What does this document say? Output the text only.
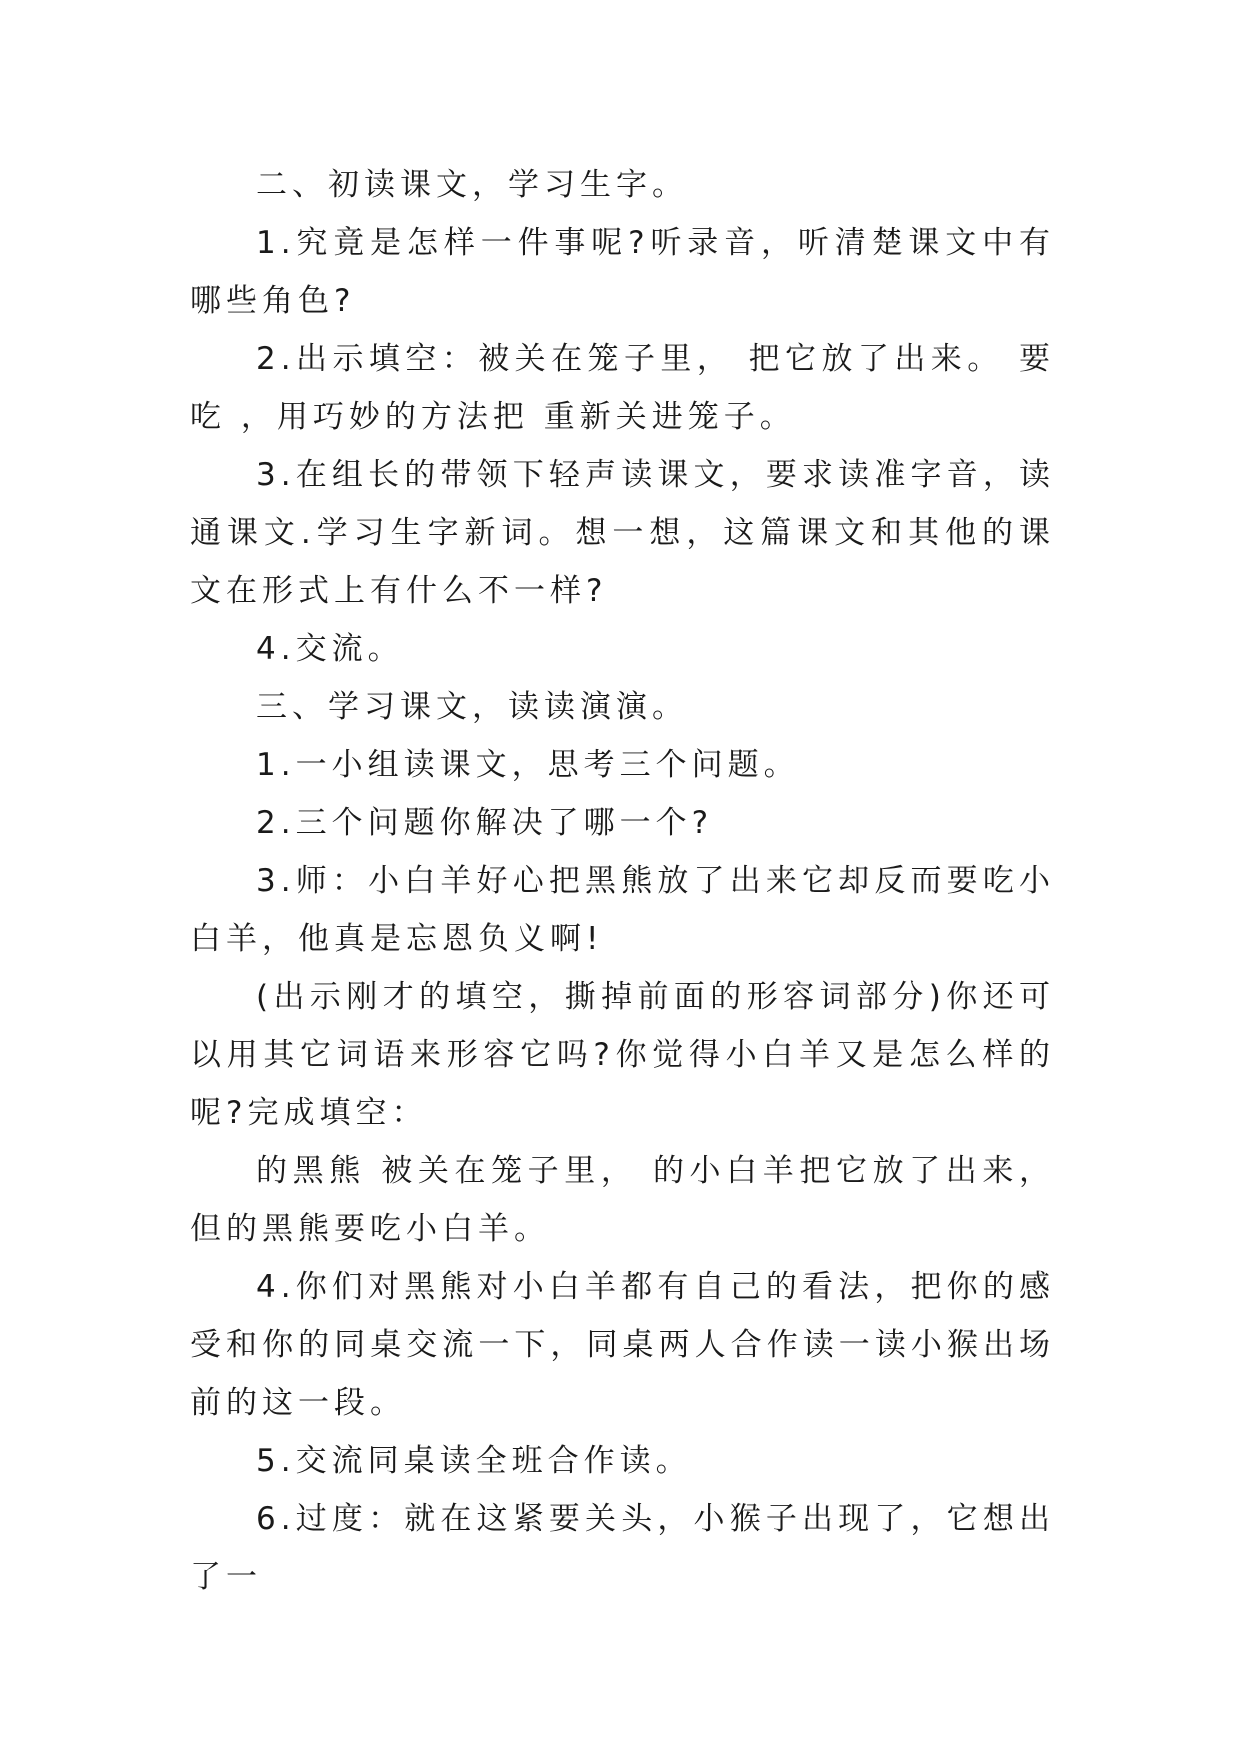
二、初读课文，学习生字。

1.究竟是怎样一件事呢?听录音，听清楚课文中有哪些角色?

2.出示填空：被关在笼子里， 把它放了出来。 要吃 ，用巧妙的方法把 重新关进笼子。

3.在组长的带领下轻声读课文，要求读准字音，读通课文.学习生字新词。想一想，这篇课文和其他的课文在形式上有什么不一样?

4.交流。

三、学习课文，读读演演。

1.一小组读课文，思考三个问题。

2.三个问题你解决了哪一个?

3.师：小白羊好心把黑熊放了出来它却反而要吃小白羊，他真是忘恩负义啊!

(出示刚才的填空，撕掉前面的形容词部分)你还可以用其它词语来形容它吗?你觉得小白羊又是怎么样的呢?完成填空：

的黑熊 被关在笼子里， 的小白羊把它放了出来，但的黑熊要吃小白羊。

4.你们对黑熊对小白羊都有自己的看法，把你的感受和你的同桌交流一下，同桌两人合作读一读小猴出场前的这一段。

5.交流同桌读全班合作读。

6.过度：就在这紧要关头，小猴子出现了，它想出了一
